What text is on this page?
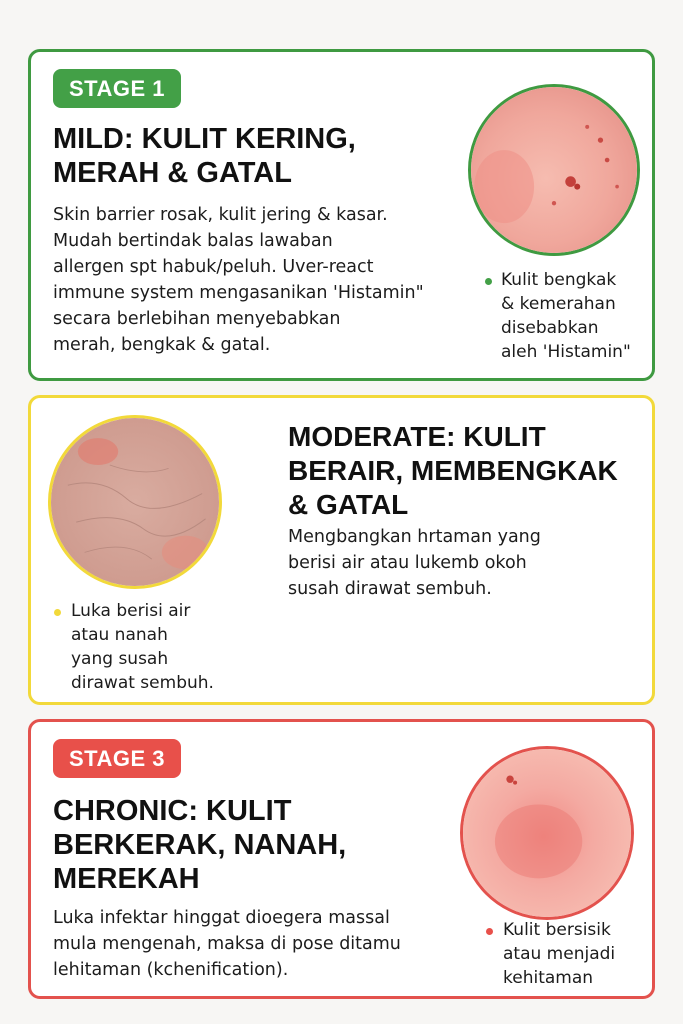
STAGE 1
MILD: KULIT KERING,
MERAH & GATAL
Skin barrier rosak, kulit jering & kasar.
Mudah bertindak balas lawaban
allergen spt habuk/peluh. Uver-react
immune system mengasanikan 'Histamin"
secara berlebihan menyebabkan
merah, bengkak & gatal.
Kulit bengkak
& kemerahan
disebabkan
aleh 'Histamin"
MODERATE: KULIT
BERAIR, MEMBENGKAK
& GATAL
Mengbangkan hrtaman yang
berisi air atau lukemb okoh
susah dirawat sembuh.
Luka berisi air
atau nanah
yang susah
dirawat sembuh.
STAGE 3
CHRONIC: KULIT
BERKERAK, NANAH,
MEREKAH
Luka infektar hinggat dioegera massal
mula mengenah, maksa di pose ditamu
lehitaman (kchenification).
Kulit bersisik
atau menjadi
kehitaman
